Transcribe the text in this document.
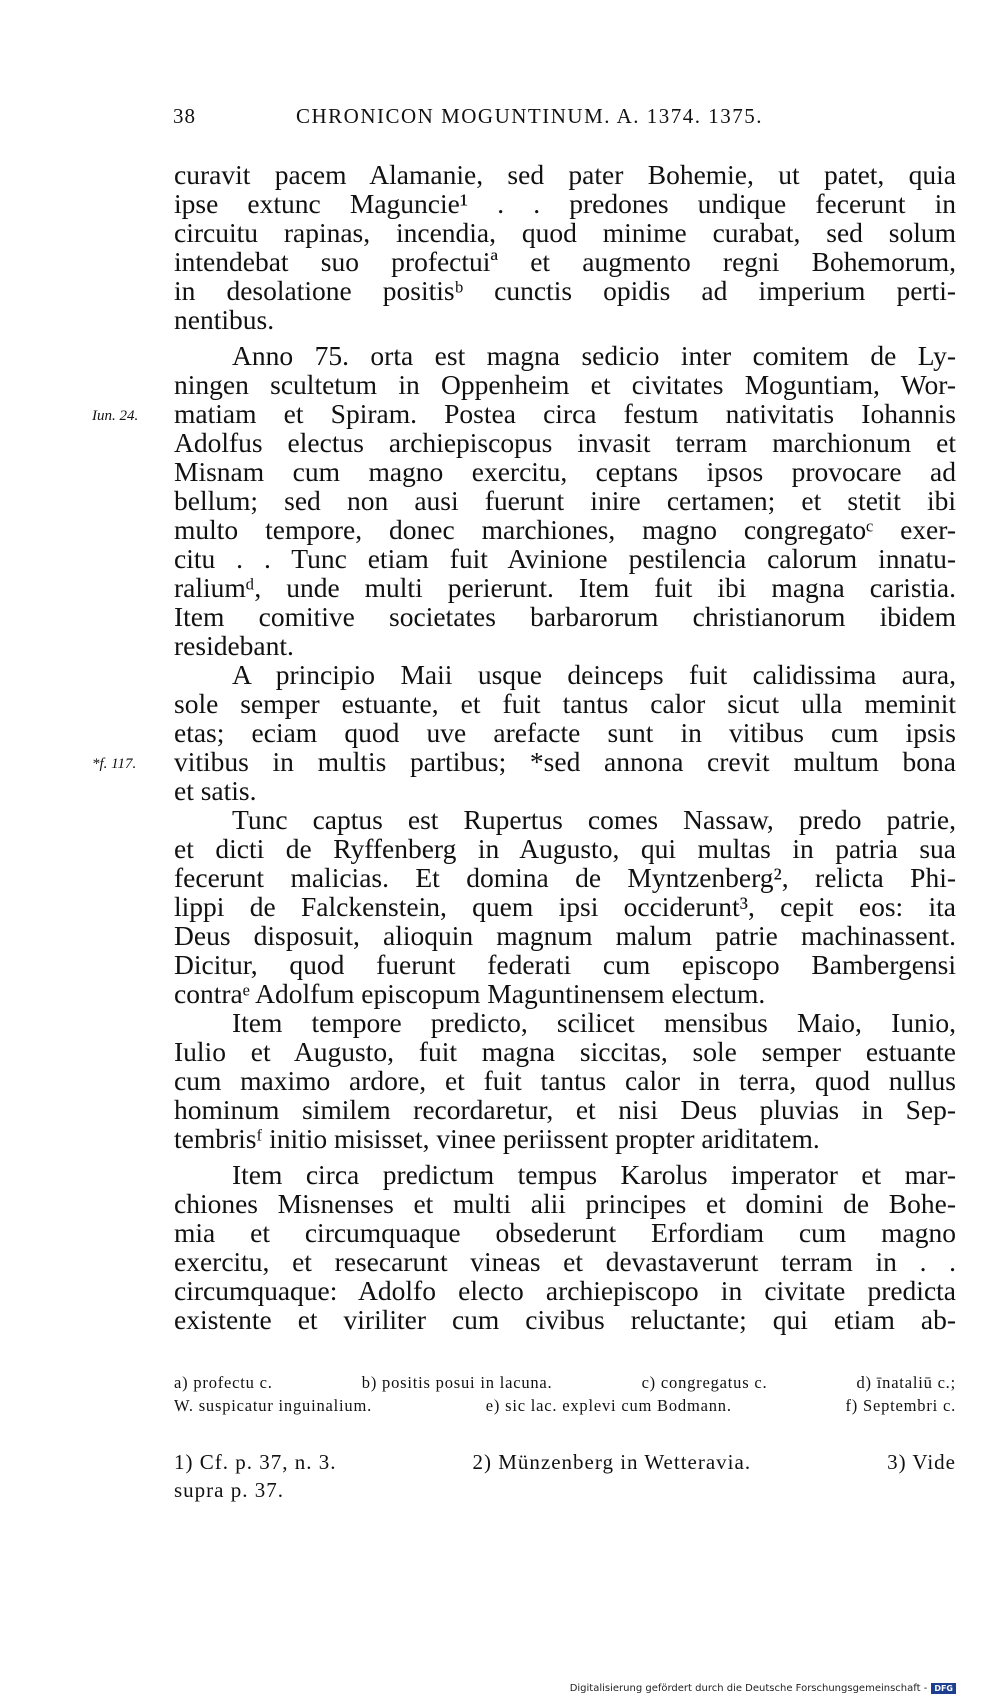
38	CHRONICON MOGUNTINUM. A. 1374. 1375.
curavit pacem Alamanie, sed pater Bohemie, ut patet, quia
ipse extunc Maguncie¹ . . predones undique fecerunt in
circuitu rapinas, incendia, quod minime curabat, sed solum
intendebat suo profectuiª et augmento regni Bohemorum,
in desolatione positisᵇ cunctis opidis ad imperium perti-
nentibus.
Anno 75. orta est magna sedicio inter comitem de Ly-
ningen scultetum in Oppenheim et civitates Moguntiam, Wor-
Iun. 24. matiam et Spiram. Postea circa festum nativitatis Iohannis
Adolfus electus archiepiscopus invasit terram marchionum et
Misnam cum magno exercitu, ceptans ipsos provocare ad
bellum; sed non ausi fuerunt inire certamen; et stetit ibi
multo tempore, donec marchiones, magno congregatoᶜ exer-
citu . . Tunc etiam fuit Avinione pestilencia calorum innatu-
raliumᵈ, unde multi perierunt. Item fuit ibi magna caristia.
Item comitive societates barbarorum christianorum ibidem
residebant.
A principio Maii usque deinceps fuit calidissima aura,
sole semper estuante, et fuit tantus calor sicut ulla meminit
etas; eciam quod uve arefacte sunt in vitibus cum ipsis
*f. 117. vitibus in multis partibus; *sed annona crevit multum bona
et satis.
Tunc captus est Rupertus comes Nassaw, predo patrie,
et dicti de Ryffenberg in Augusto, qui multas in patria sua
fecerunt malicias. Et domina de Myntzenberg², relicta Phi-
lippi de Falckenstein, quem ipsi occiderunt³, cepit eos: ita
Deus disposuit, alioquin magnum malum patrie machinassent.
Dicitur, quod fuerunt federati cum episcopo Bambergensi
contraᵉ Adolfum episcopum Maguntinensem electum.
Item tempore predicto, scilicet mensibus Maio, Iunio,
Iulio et Augusto, fuit magna siccitas, sole semper estuante
cum maximo ardore, et fuit tantus calor in terra, quod nullus
hominum similem recordaretur, et nisi Deus pluvias in Sep-
tembrisᶠ initio misisset, vinee periissent propter ariditatem.
Item circa predictum tempus Karolus imperator et mar-
chiones Misnenses et multi alii principes et domini de Bohe-
mia et circumquaque obsederunt Erfordiam cum magno
exercitu, et resecarunt vineas et devastaverunt terram in . .
circumquaque: Adolfo electo archiepiscopo in civitate predicta
existente et viriliter cum civibus reluctante; qui etiam ab-
a) profectu c.	b) positis posui in lacuna.	c) congregatus c.	d) īnataliū c.;
W. suspicatur inguinalium.	e) sic lac. explevi cum Bodmann.	f) Septembri c.
1) Cf. p. 37, n. 3.	2) Münzenberg in Wetteravia.	3) Vide
supra p. 37.
Digitalisierung gefördert durch die Deutsche Forschungsgemeinschaft - DFG
